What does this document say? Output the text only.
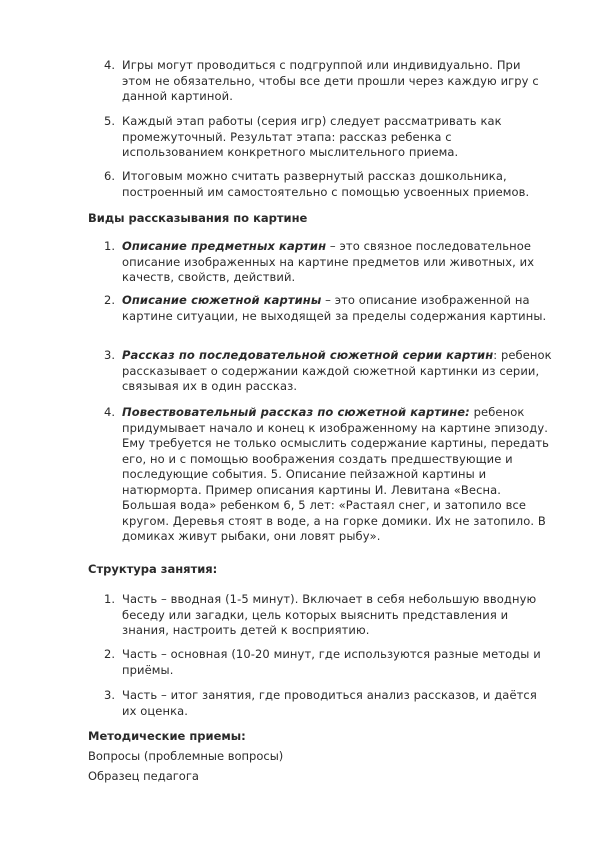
4. Игры могут проводиться с подгруппой или индивидуально. При этом не обязательно, чтобы все дети прошли через каждую игру с данной картиной.
5. Каждый этап работы (серия игр) следует рассматривать как промежуточный. Результат этапа: рассказ ребенка с использованием конкретного мыслительного приема.
6. Итоговым можно считать развернутый рассказ дошкольника, построенный им самостоятельно с помощью усвоенных приемов.
Виды рассказывания по картине
1. Описание предметных картин – это связное последовательное описание изображенных на картине предметов или животных, их качеств, свойств, действий.
2. Описание сюжетной картины – это описание изображенной на картине ситуации, не выходящей за пределы содержания картины.
3. Рассказ по последовательной сюжетной серии картин: ребенок рассказывает о содержании каждой сюжетной картинки из серии, связывая их в один рассказ.
4. Повествовательный рассказ по сюжетной картине: ребенок придумывает начало и конец к изображенному на картине эпизоду. Ему требуется не только осмыслить содержание картины, передать его, но и с помощью воображения создать предшествующие и последующие события. 5. Описание пейзажной картины и натюрморта. Пример описания картины И. Левитана «Весна. Большая вода» ребенком 6, 5 лет: «Растаял снег, и затопило все кругом. Деревья стоят в воде, а на горке домики. Их не затопило. В домиках живут рыбаки, они ловят рыбу».
Структура занятия:
1. Часть – вводная (1-5 минут). Включает в себя небольшую вводную беседу или загадки, цель которых выяснить представления и знания, настроить детей к восприятию.
2. Часть – основная (10-20 минут, где используются разные методы и приёмы.
3. Часть – итог занятия, где проводиться анализ рассказов, и даётся их оценка.
Методические приемы:
Вопросы (проблемные вопросы)
Образец педагога
